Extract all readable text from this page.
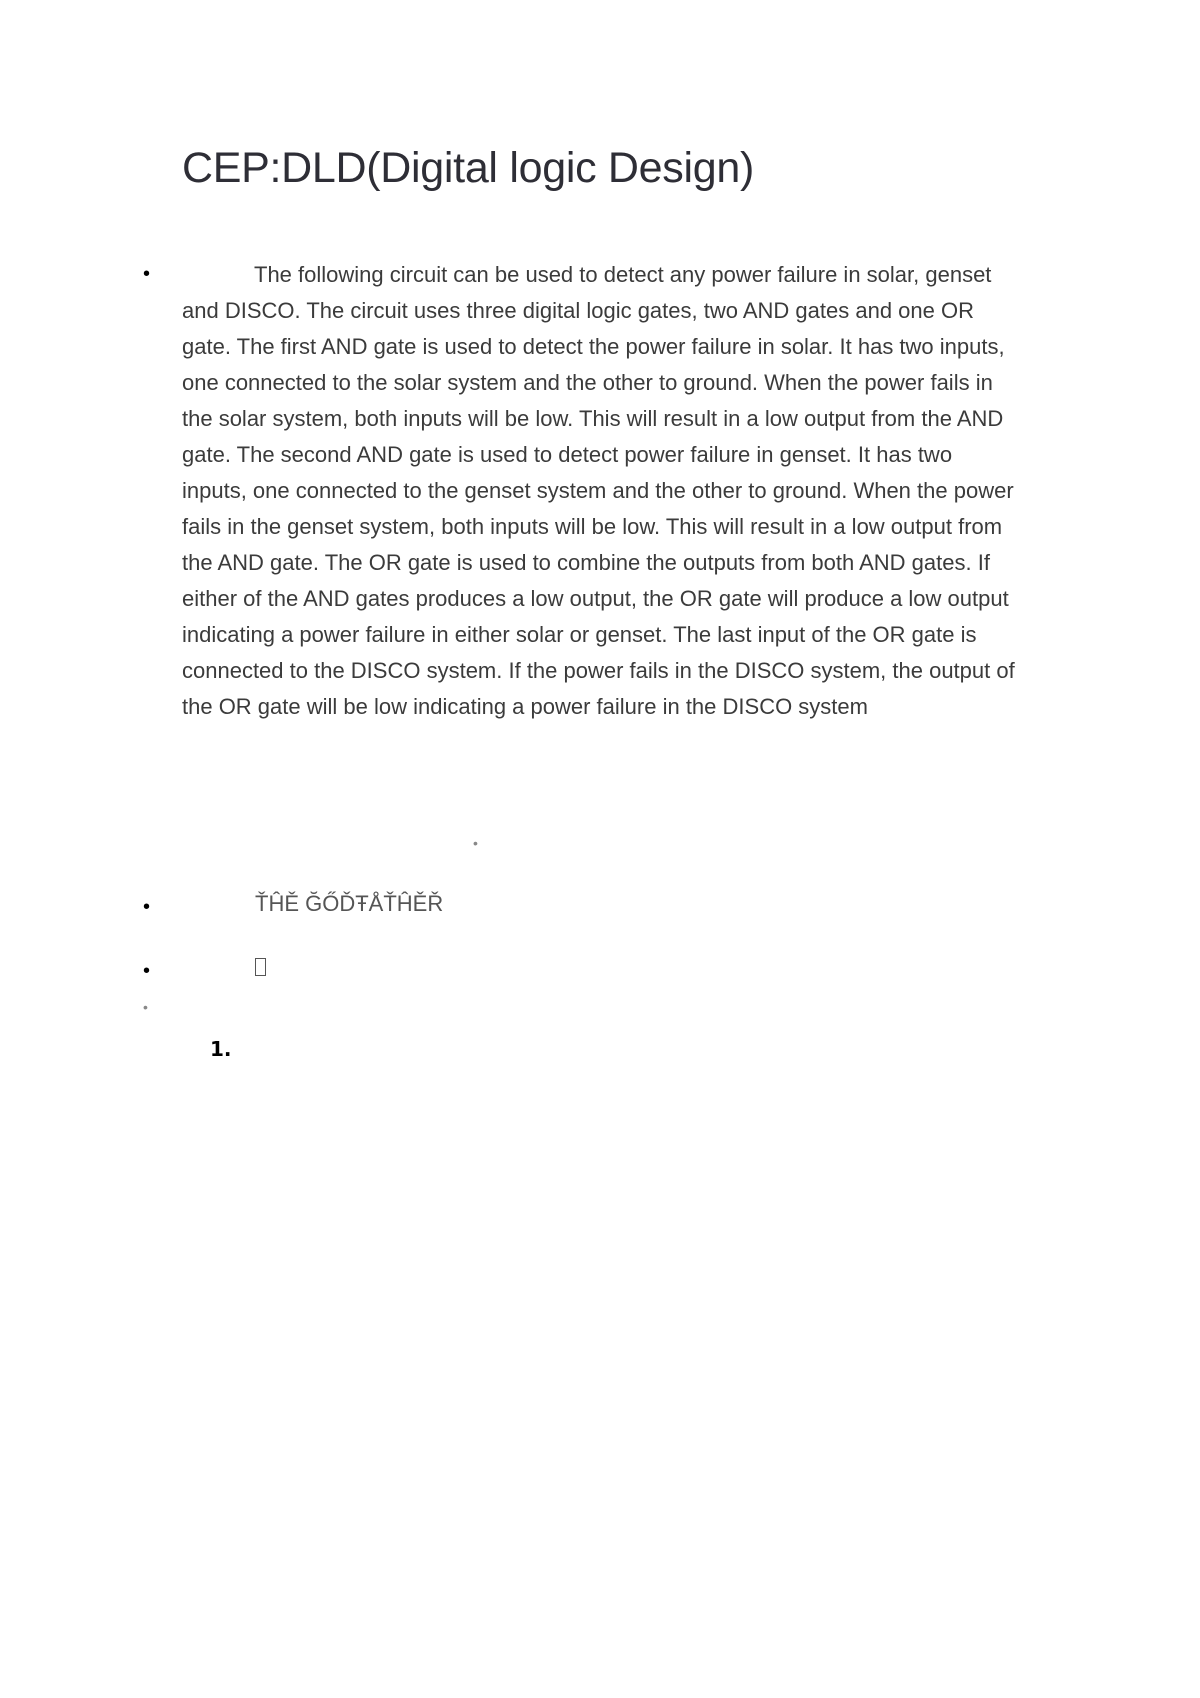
CEP:DLD(Digital logic Design)
•	The following circuit can be used to detect any power failure in solar, genset and DISCO. The circuit uses three digital logic gates, two AND gates and one OR gate. The first AND gate is used to detect the power failure in solar. It has two inputs, one connected to the solar system and the other to ground. When the power fails in the solar system, both inputs will be low. This will result in a low output from the AND gate. The second AND gate is used to detect power failure in genset. It has two inputs, one connected to the genset system and the other to ground. When the power fails in the genset system, both inputs will be low. This will result in a low output from the AND gate. The OR gate is used to combine the outputs from both AND gates. If either of the AND gates produces a low output, the OR gate will produce a low output indicating a power failure in either solar or genset. The last input of the OR gate is connected to the DISCO system. If the power fails in the DISCO system, the output of the OR gate will be low indicating a power failure in the DISCO system

•
•	ŤĤĚ ĞŐĎŦÅŤĤĚŘ
•
•
1.
